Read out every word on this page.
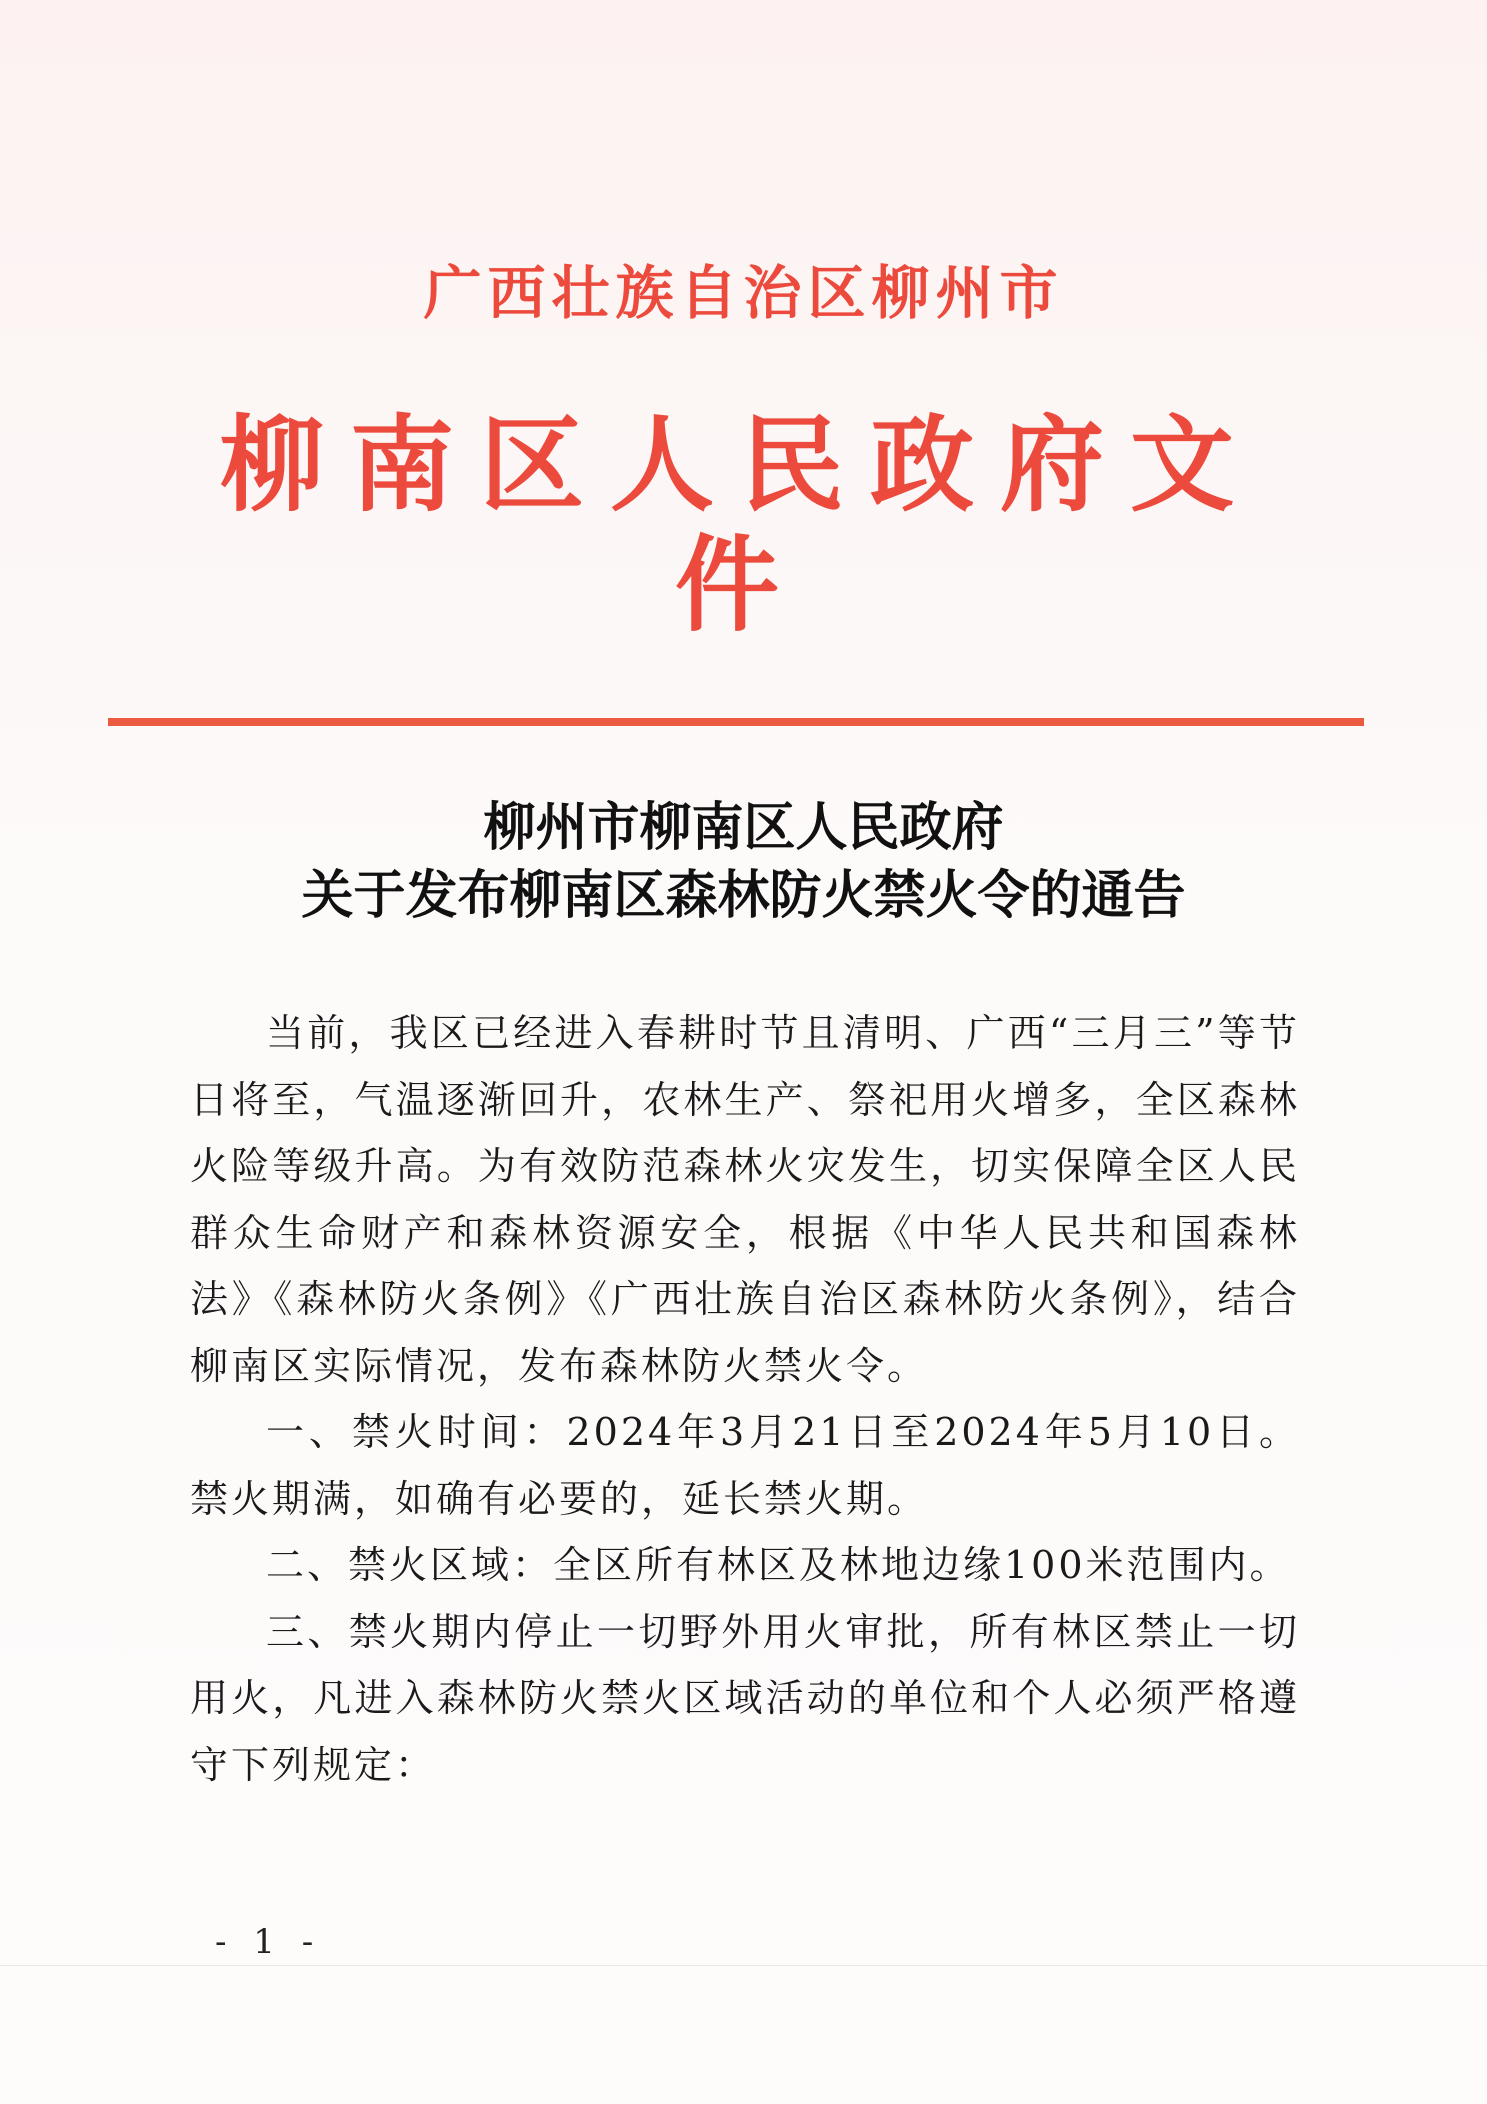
广西壮族自治区柳州市
柳南区人民政府文件
柳州市柳南区人民政府
关于发布柳南区森林防火禁火令的通告

当前，我区已经进入春耕时节且清明、广西“三月三”等节日将至，气温逐渐回升，农林生产、祭祀用火增多，全区森林火险等级升高。为有效防范森林火灾发生，切实保障全区人民群众生命财产和森林资源安全，根据《中华人民共和国森林法》《森林防火条例》《广西壮族自治区森林防火条例》，结合柳南区实际情况，发布森林防火禁火令。

一、禁火时间：2024年3月21日至2024年5月10日。禁火期满，如确有必要的，延长禁火期。

二、禁火区域：全区所有林区及林地边缘100米范围内。

三、禁火期内停止一切野外用火审批，所有林区禁止一切用火，凡进入森林防火禁火区域活动的单位和个人必须严格遵守下列规定：

- 1 -
